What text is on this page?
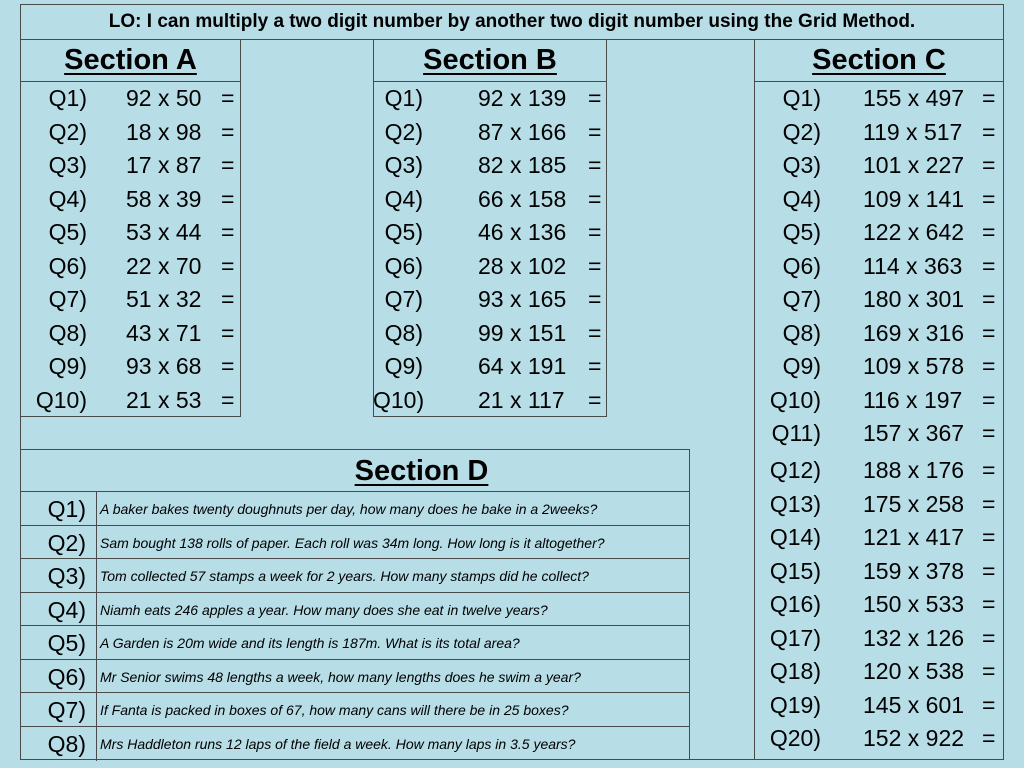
LO: I can multiply a two digit number by another two digit number using the Grid Method.
Section A
Q1) 92 x 50 =
Q2) 18 x 98 =
Q3) 17 x 87 =
Q4) 58 x 39 =
Q5) 53 x 44 =
Q6) 22 x 70 =
Q7) 51 x 32 =
Q8) 43 x 71 =
Q9) 93 x 68 =
Q10) 21 x 53 =
Section B
Q1) 92 x 139 =
Q2) 87 x 166 =
Q3) 82 x 185 =
Q4) 66 x 158 =
Q5) 46 x 136 =
Q6) 28 x 102 =
Q7) 93 x 165 =
Q8) 99 x 151 =
Q9) 64 x 191 =
Q10) 21 x 117 =
Section C
Q1) 155 x 497 =
Q2) 119 x 517 =
Q3) 101 x 227 =
Q4) 109 x 141 =
Q5) 122 x 642 =
Q6) 114 x 363 =
Q7) 180 x 301 =
Q8) 169 x 316 =
Q9) 109 x 578 =
Q10) 116 x 197 =
Q11) 157 x 367 =
Q12) 188 x 176 =
Q13) 175 x 258 =
Q14) 121 x 417 =
Q15) 159 x 378 =
Q16) 150 x 533 =
Q17) 132 x 126 =
Q18) 120 x 538 =
Q19) 145 x 601 =
Q20) 152 x 922 =
Section D
Q1)	A baker bakes twenty doughnuts per day, how many does he bake in a 2weeks?
Q2)	Sam bought 138 rolls of paper. Each roll was 34m long. How long is it altogether?
Q3)	Tom collected 57 stamps a week for 2 years. How many stamps did he collect?
Q4)	Niamh eats 246 apples a year. How many does she eat in twelve years?
Q5)	A Garden is 20m wide and its length is 187m. What is its total area?
Q6)	Mr Senior swims 48 lengths a week, how many lengths does he swim a year?
Q7)	If Fanta is packed in boxes of 67, how many cans will there be in 25 boxes?
Q8)	Mrs Haddleton runs 12 laps of the field a week. How many laps in 3.5 years?
